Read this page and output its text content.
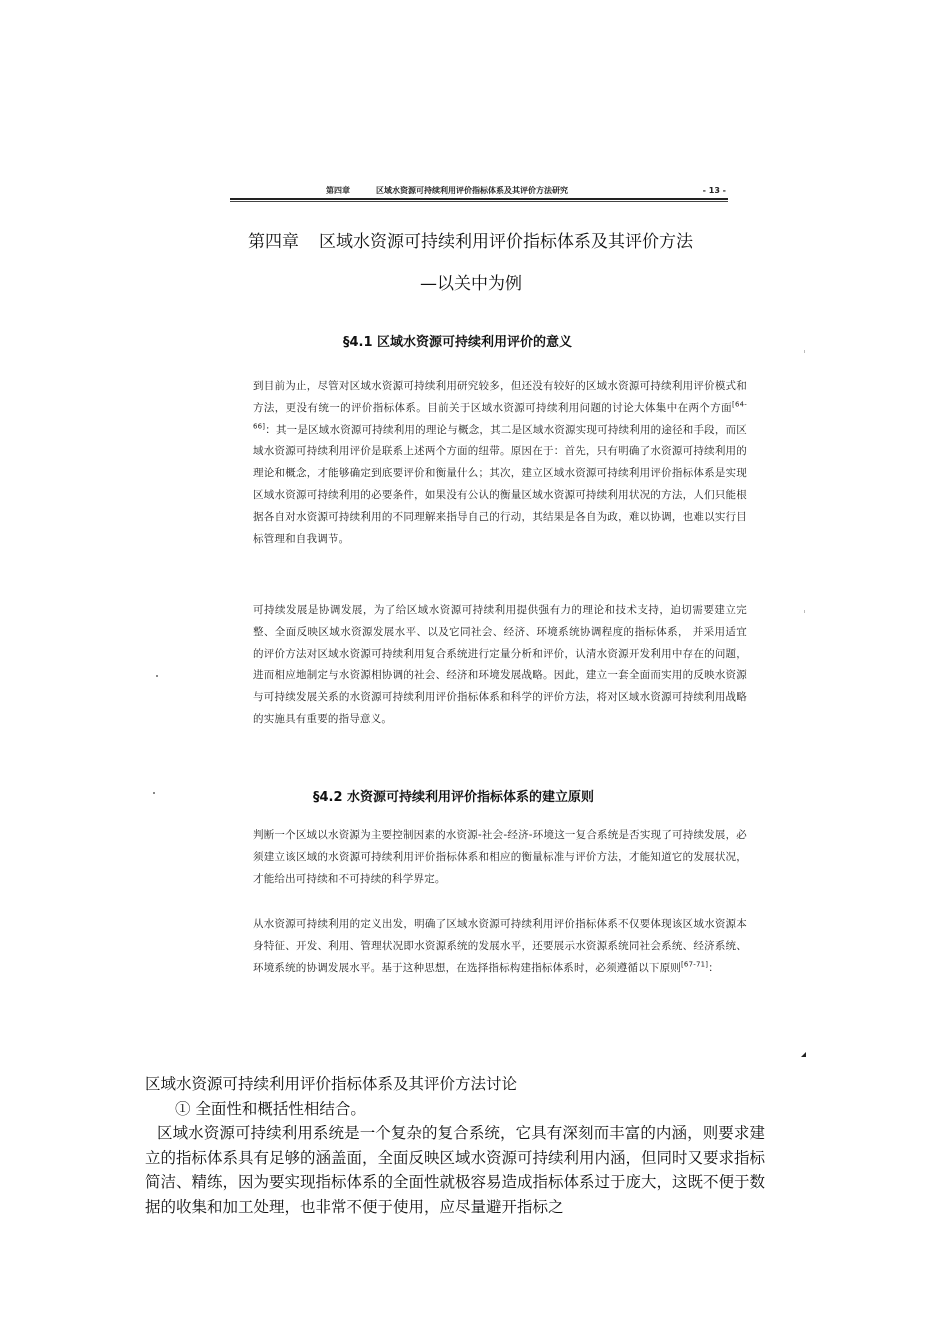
第四章	区域水资源可持续利用评价指标体系及其评价方法研究	- 13 -
第四章 区域水资源可持续利用评价指标体系及其评价方法
—以关中为例
§4.1 区域水资源可持续利用评价的意义

到目前为止，尽管对区域水资源可持续利用研究较多，但还没有较好的区域水资源可持续利用评价模式和方法，更没有统一的评价指标体系。目前关于区域水资源可持续利用问题的讨论大体集中在两个方面[64-66]：其一是区域水资源可持续利用的理论与概念，其二是区域水资源实现可持续利用的途径和手段，而区域水资源可持续利用评价是联系上述两个方面的纽带。原因在于：首先，只有明确了水资源可持续利用的理论和概念，才能够确定到底要评价和衡量什么；其次，建立区域水资源可持续利用评价指标体系是实现区域水资源可持续利用的必要条件，如果没有公认的衡量区域水资源可持续利用状况的方法，人们只能根据各自对水资源可持续利用的不同理解来指导自己的行动，其结果是各自为政，难以协调，也难以实行目标管理和自我调节。

可持续发展是协调发展，为了给区域水资源可持续利用提供强有力的理论和技术支持，迫切需要建立完整、全面反映区域水资源发展水平、以及它同社会、经济、环境系统协调程度的指标体系， 并采用适宜的评价方法对区域水资源可持续利用复合系统进行定量分析和评价，认清水资源开发利用中存在的问题，进而相应地制定与水资源相协调的社会、经济和环境发展战略。因此，建立一套全面而实用的反映水资源与可持续发展关系的水资源可持续利用评价指标体系和科学的评价方法，将对区域水资源可持续利用战略的实施具有重要的指导意义。

§4.2 水资源可持续利用评价指标体系的建立原则

判断一个区域以水资源为主要控制因素的水资源-社会-经济-环境这一复合系统是否实现了可持续发展，必须建立该区域的水资源可持续利用评价指标体系和相应的衡量标准与评价方法，才能知道它的发展状况，才能给出可持续和不可持续的科学界定。

从水资源可持续利用的定义出发，明确了区域水资源可持续利用评价指标体系不仅要体现该区域水资源本身特征、开发、利用、管理状况即水资源系统的发展水平，还要展示水资源系统同社会系统、经济系统、环境系统的协调发展水平。基于这种思想，在选择指标构建指标体系时，必须遵循以下原则[67-71]：

区域水资源可持续利用评价指标体系及其评价方法讨论
① 全面性和概括性相结合。

区域水资源可持续利用系统是一个复杂的复合系统，它具有深刻而丰富的内涵，则要求建立的指标体系具有足够的涵盖面，全面反映区域水资源可持续利用内涵，但同时又要求指标简洁、精练，因为要实现指标体系的全面性就极容易造成指标体系过于庞大，这既不便于数据的收集和加工处理，也非常不便于使用，应尽量避开指标之
